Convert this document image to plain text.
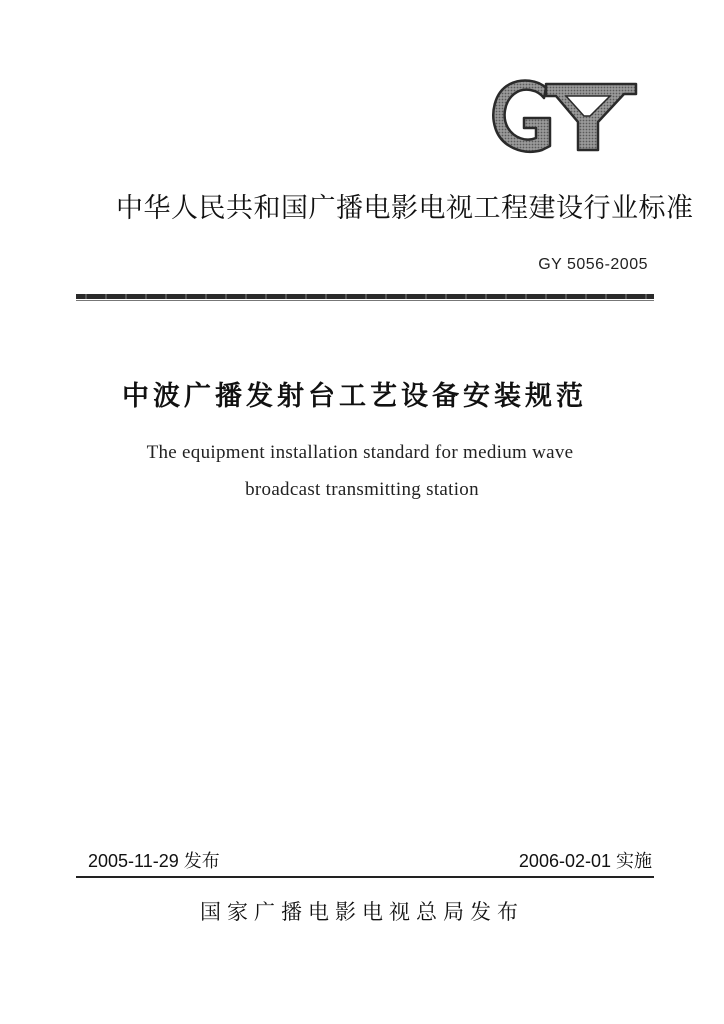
中华人民共和国广播电影电视工程建设行业标准
GY 5056-2005
中波广播发射台工艺设备安装规范
The equipment installation standard for medium wave
broadcast transmitting station
2005-11-29 发布	2006-02-01 实施
国家广播电影电视总局发布
